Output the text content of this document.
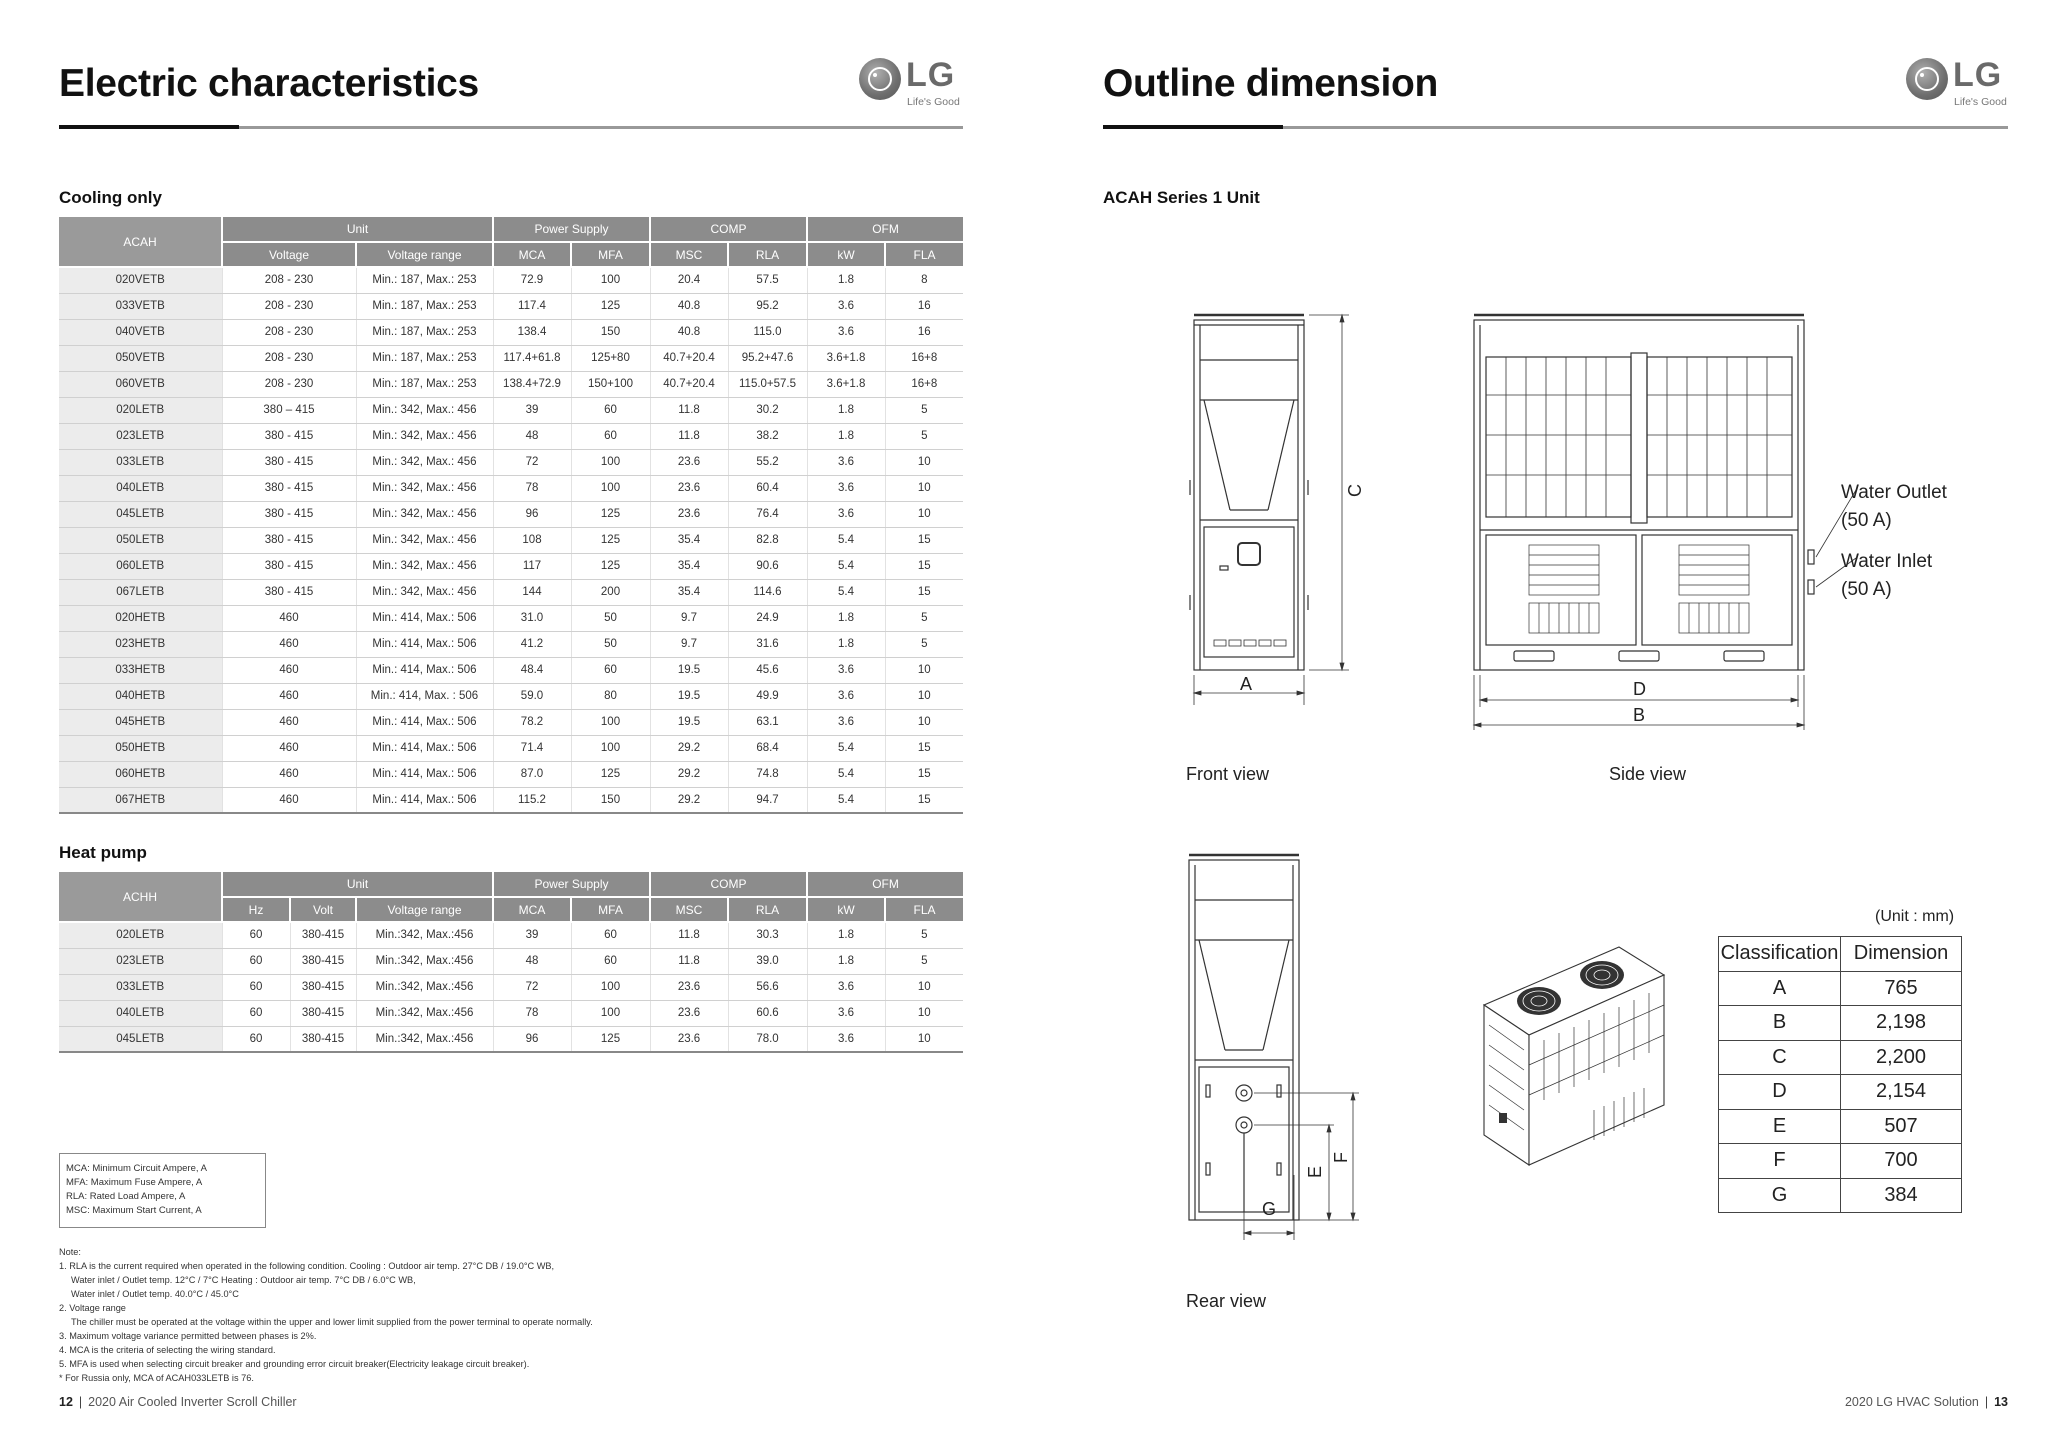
Electric characteristics	LG
Life's Good
Cooling only
ACAH	Unit		Power Supply		COMP		OFM	
	Voltage	Voltage range	MCA	MFA	MSC	RLA	kW	FLA
020VETB	208 - 230	Min.: 187, Max.: 253	72.9	100	20.4	57.5	1.8	8
033VETB	208 - 230	Min.: 187, Max.: 253	117.4	125	40.8	95.2	3.6	16
040VETB	208 - 230	Min.: 187, Max.: 253	138.4	150	40.8	115.0	3.6	16
050VETB	208 - 230	Min.: 187, Max.: 253	117.4+61.8	125+80	40.7+20.4	95.2+47.6	3.6+1.8	16+8
060VETB	208 - 230	Min.: 187, Max.: 253	138.4+72.9	150+100	40.7+20.4	115.0+57.5	3.6+1.8	16+8
020LETB	380 – 415	Min.: 342, Max.: 456	39	60	11.8	30.2	1.8	5
023LETB	380 - 415	Min.: 342, Max.: 456	48	60	11.8	38.2	1.8	5
033LETB	380 - 415	Min.: 342, Max.: 456	72	100	23.6	55.2	3.6	10
040LETB	380 - 415	Min.: 342, Max.: 456	78	100	23.6	60.4	3.6	10
045LETB	380 - 415	Min.: 342, Max.: 456	96	125	23.6	76.4	3.6	10
050LETB	380 - 415	Min.: 342, Max.: 456	108	125	35.4	82.8	5.4	15
060LETB	380 - 415	Min.: 342, Max.: 456	117	125	35.4	90.6	5.4	15
067LETB	380 - 415	Min.: 342, Max.: 456	144	200	35.4	114.6	5.4	15
020HETB	460	Min.: 414, Max.: 506	31.0	50	9.7	24.9	1.8	5
023HETB	460	Min.: 414, Max.: 506	41.2	50	9.7	31.6	1.8	5
033HETB	460	Min.: 414, Max.: 506	48.4	60	19.5	45.6	3.6	10
040HETB	460	Min.: 414, Max. : 506	59.0	80	19.5	49.9	3.6	10
045HETB	460	Min.: 414, Max.: 506	78.2	100	19.5	63.1	3.6	10
050HETB	460	Min.: 414, Max.: 506	71.4	100	29.2	68.4	5.4	15
060HETB	460	Min.: 414, Max.: 506	87.0	125	29.2	74.8	5.4	15
067HETB	460	Min.: 414, Max.: 506	115.2	150	29.2	94.7	5.4	15
Heat pump
ACHH	Unit			Power Supply		COMP		OFM	
	Hz	Volt	Voltage range	MCA	MFA	MSC	RLA	kW	FLA
020LETB	60	380-415	Min.:342, Max.:456	39	60	11.8	30.3	1.8	5
023LETB	60	380-415	Min.:342, Max.:456	48	60	11.8	39.0	1.8	5
033LETB	60	380-415	Min.:342, Max.:456	72	100	23.6	56.6	3.6	10
040LETB	60	380-415	Min.:342, Max.:456	78	100	23.6	60.6	3.6	10
045LETB	60	380-415	Min.:342, Max.:456	96	125	23.6	78.0	3.6	10
MCA: Minimum Circuit Ampere, A
MFA: Maximum Fuse Ampere, A
RLA: Rated Load Ampere, A
MSC: Maximum Start Current, A
Note:
1. RLA is the current required when operated in the following condition. Cooling : Outdoor air temp. 27°C DB / 19.0°C WB,
Water inlet / Outlet temp. 12°C / 7°C Heating : Outdoor air temp. 7°C DB / 6.0°C WB,
Water inlet / Outlet temp. 40.0°C / 45.0°C
2. Voltage range
The chiller must be operated at the voltage within the upper and lower limit supplied from the power terminal to operate normally.
3. Maximum voltage variance permitted between phases is 2%.
4. MCA is the criteria of selecting the wiring standard.
5. MFA is used when selecting circuit breaker and grounding error circuit breaker(Electricity leakage circuit breaker).
* For Russia only, MCA of ACAH033LETB is 76.
12 | 2020 Air Cooled Inverter Scroll Chiller
Outline dimension	LG
Life's Good
ACAH Series 1 Unit
A
C
Front view
D
B
Water Outlet
(50 A)
Water Inlet
(50 A)
Side view
G
E
F
Rear view
(Unit : mm)
Classification	Dimension
A	765
B	2,198
C	2,200
D	2,154
E	507
F	700
G	384
2020 LG HVAC Solution | 13
